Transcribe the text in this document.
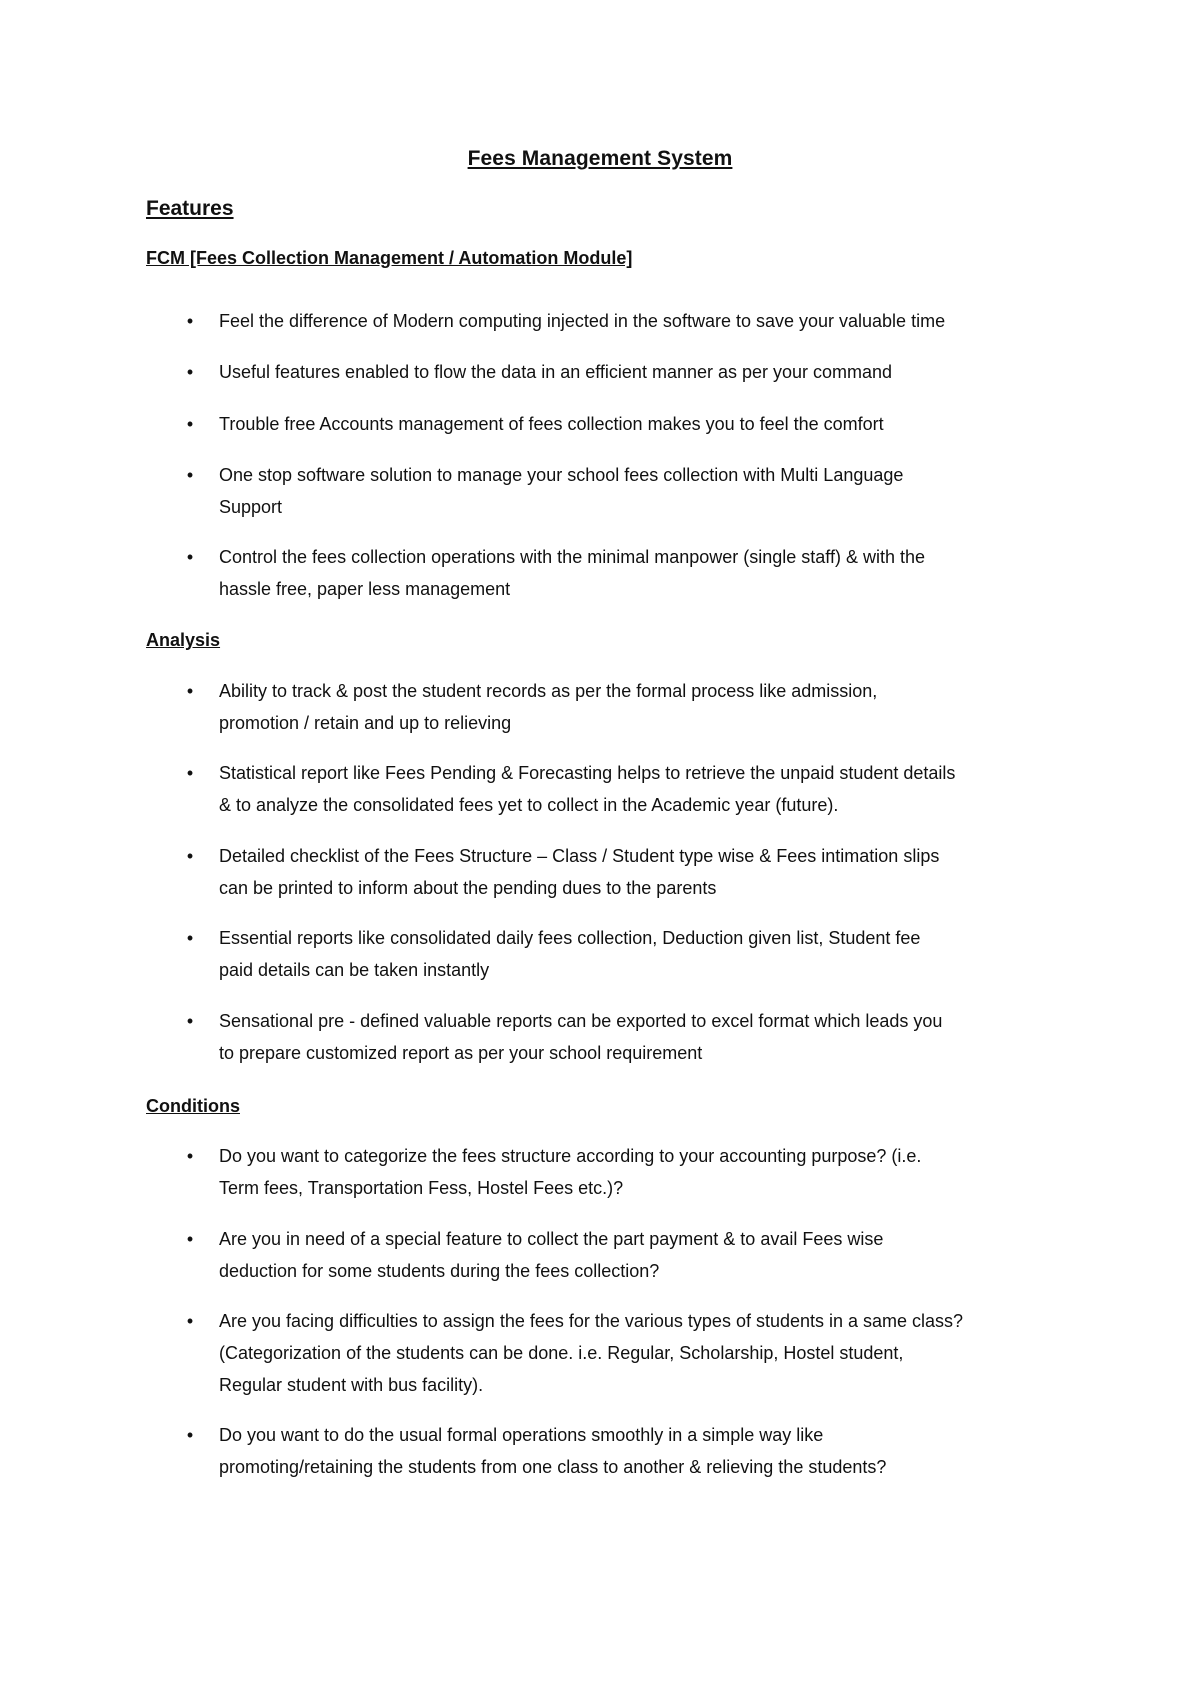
Fees Management System
Features
FCM [Fees Collection Management / Automation Module]
• Feel the difference of Modern computing injected in the software to save your valuable time
• Useful features enabled to flow the data in an efficient manner as per your command
• Trouble free Accounts management of fees collection makes you to feel the comfort
• One stop software solution to manage your school fees collection with Multi Language
Support
• Control the fees collection operations with the minimal manpower (single staff) & with the
hassle free, paper less management
Analysis
• Ability to track & post the student records as per the formal process like admission,
promotion / retain and up to relieving
• Statistical report like Fees Pending & Forecasting helps to retrieve the unpaid student details
& to analyze the consolidated fees yet to collect in the Academic year (future).
• Detailed checklist of the Fees Structure – Class / Student type wise & Fees intimation slips
can be printed to inform about the pending dues to the parents
• Essential reports like consolidated daily fees collection, Deduction given list, Student fee
paid details can be taken instantly
• Sensational pre - defined valuable reports can be exported to excel format which leads you
to prepare customized report as per your school requirement
Conditions
• Do you want to categorize the fees structure according to your accounting purpose? (i.e.
Term fees, Transportation Fess, Hostel Fees etc.)?
• Are you in need of a special feature to collect the part payment & to avail Fees wise
deduction for some students during the fees collection?
• Are you facing difficulties to assign the fees for the various types of students in a same class?
(Categorization of the students can be done. i.e. Regular, Scholarship, Hostel student,
Regular student with bus facility).
• Do you want to do the usual formal operations smoothly in a simple way like
promoting/retaining the students from one class to another & relieving the students?
